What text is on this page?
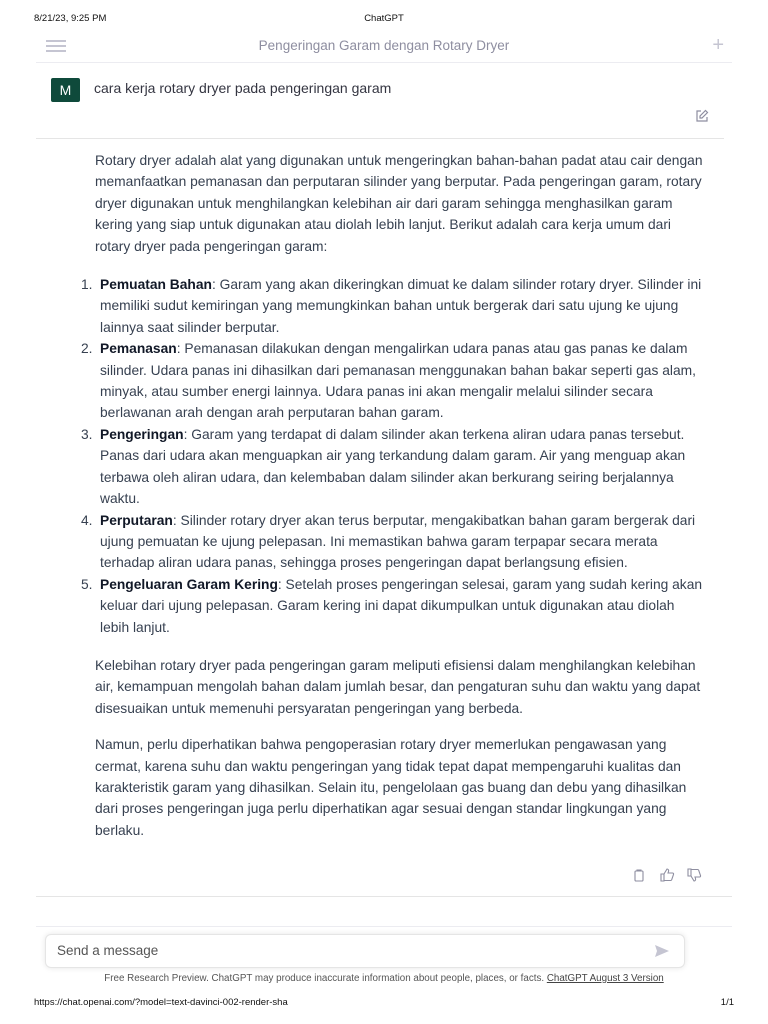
8/21/23, 9:25 PM	ChatGPT
Pengeringan Garam dengan Rotary Dryer	+
M	cara kerja rotary dryer pada pengeringan garam

Rotary dryer adalah alat yang digunakan untuk mengeringkan bahan-bahan padat atau cair dengan memanfaatkan pemanasan dan perputaran silinder yang berputar. Pada pengeringan garam, rotary dryer digunakan untuk menghilangkan kelebihan air dari garam sehingga menghasilkan garam kering yang siap untuk digunakan atau diolah lebih lanjut. Berikut adalah cara kerja umum dari rotary dryer pada pengeringan garam:

1. Pemuatan Bahan: Garam yang akan dikeringkan dimuat ke dalam silinder rotary dryer. Silinder ini memiliki sudut kemiringan yang memungkinkan bahan untuk bergerak dari satu ujung ke ujung lainnya saat silinder berputar.
2. Pemanasan: Pemanasan dilakukan dengan mengalirkan udara panas atau gas panas ke dalam silinder. Udara panas ini dihasilkan dari pemanasan menggunakan bahan bakar seperti gas alam, minyak, atau sumber energi lainnya. Udara panas ini akan mengalir melalui silinder secara berlawanan arah dengan arah perputaran bahan garam.
3. Pengeringan: Garam yang terdapat di dalam silinder akan terkena aliran udara panas tersebut. Panas dari udara akan menguapkan air yang terkandung dalam garam. Air yang menguap akan terbawa oleh aliran udara, dan kelembaban dalam silinder akan berkurang seiring berjalannya waktu.
4. Perputaran: Silinder rotary dryer akan terus berputar, mengakibatkan bahan garam bergerak dari ujung pemuatan ke ujung pelepasan. Ini memastikan bahwa garam terpapar secara merata terhadap aliran udara panas, sehingga proses pengeringan dapat berlangsung efisien.
5. Pengeluaran Garam Kering: Setelah proses pengeringan selesai, garam yang sudah kering akan keluar dari ujung pelepasan. Garam kering ini dapat dikumpulkan untuk digunakan atau diolah lebih lanjut.

Kelebihan rotary dryer pada pengeringan garam meliputi efisiensi dalam menghilangkan kelebihan air, kemampuan mengolah bahan dalam jumlah besar, dan pengaturan suhu dan waktu yang dapat disesuaikan untuk memenuhi persyaratan pengeringan yang berbeda.

Namun, perlu diperhatikan bahwa pengoperasian rotary dryer memerlukan pengawasan yang cermat, karena suhu dan waktu pengeringan yang tidak tepat dapat mempengaruhi kualitas dan karakteristik garam yang dihasilkan. Selain itu, pengelolaan gas buang dan debu yang dihasilkan dari proses pengeringan juga perlu diperhatikan agar sesuai dengan standar lingkungan yang berlaku.

Send a message
Free Research Preview. ChatGPT may produce inaccurate information about people, places, or facts. ChatGPT August 3 Version
https://chat.openai.com/?model=text-davinci-002-render-sha	1/1
